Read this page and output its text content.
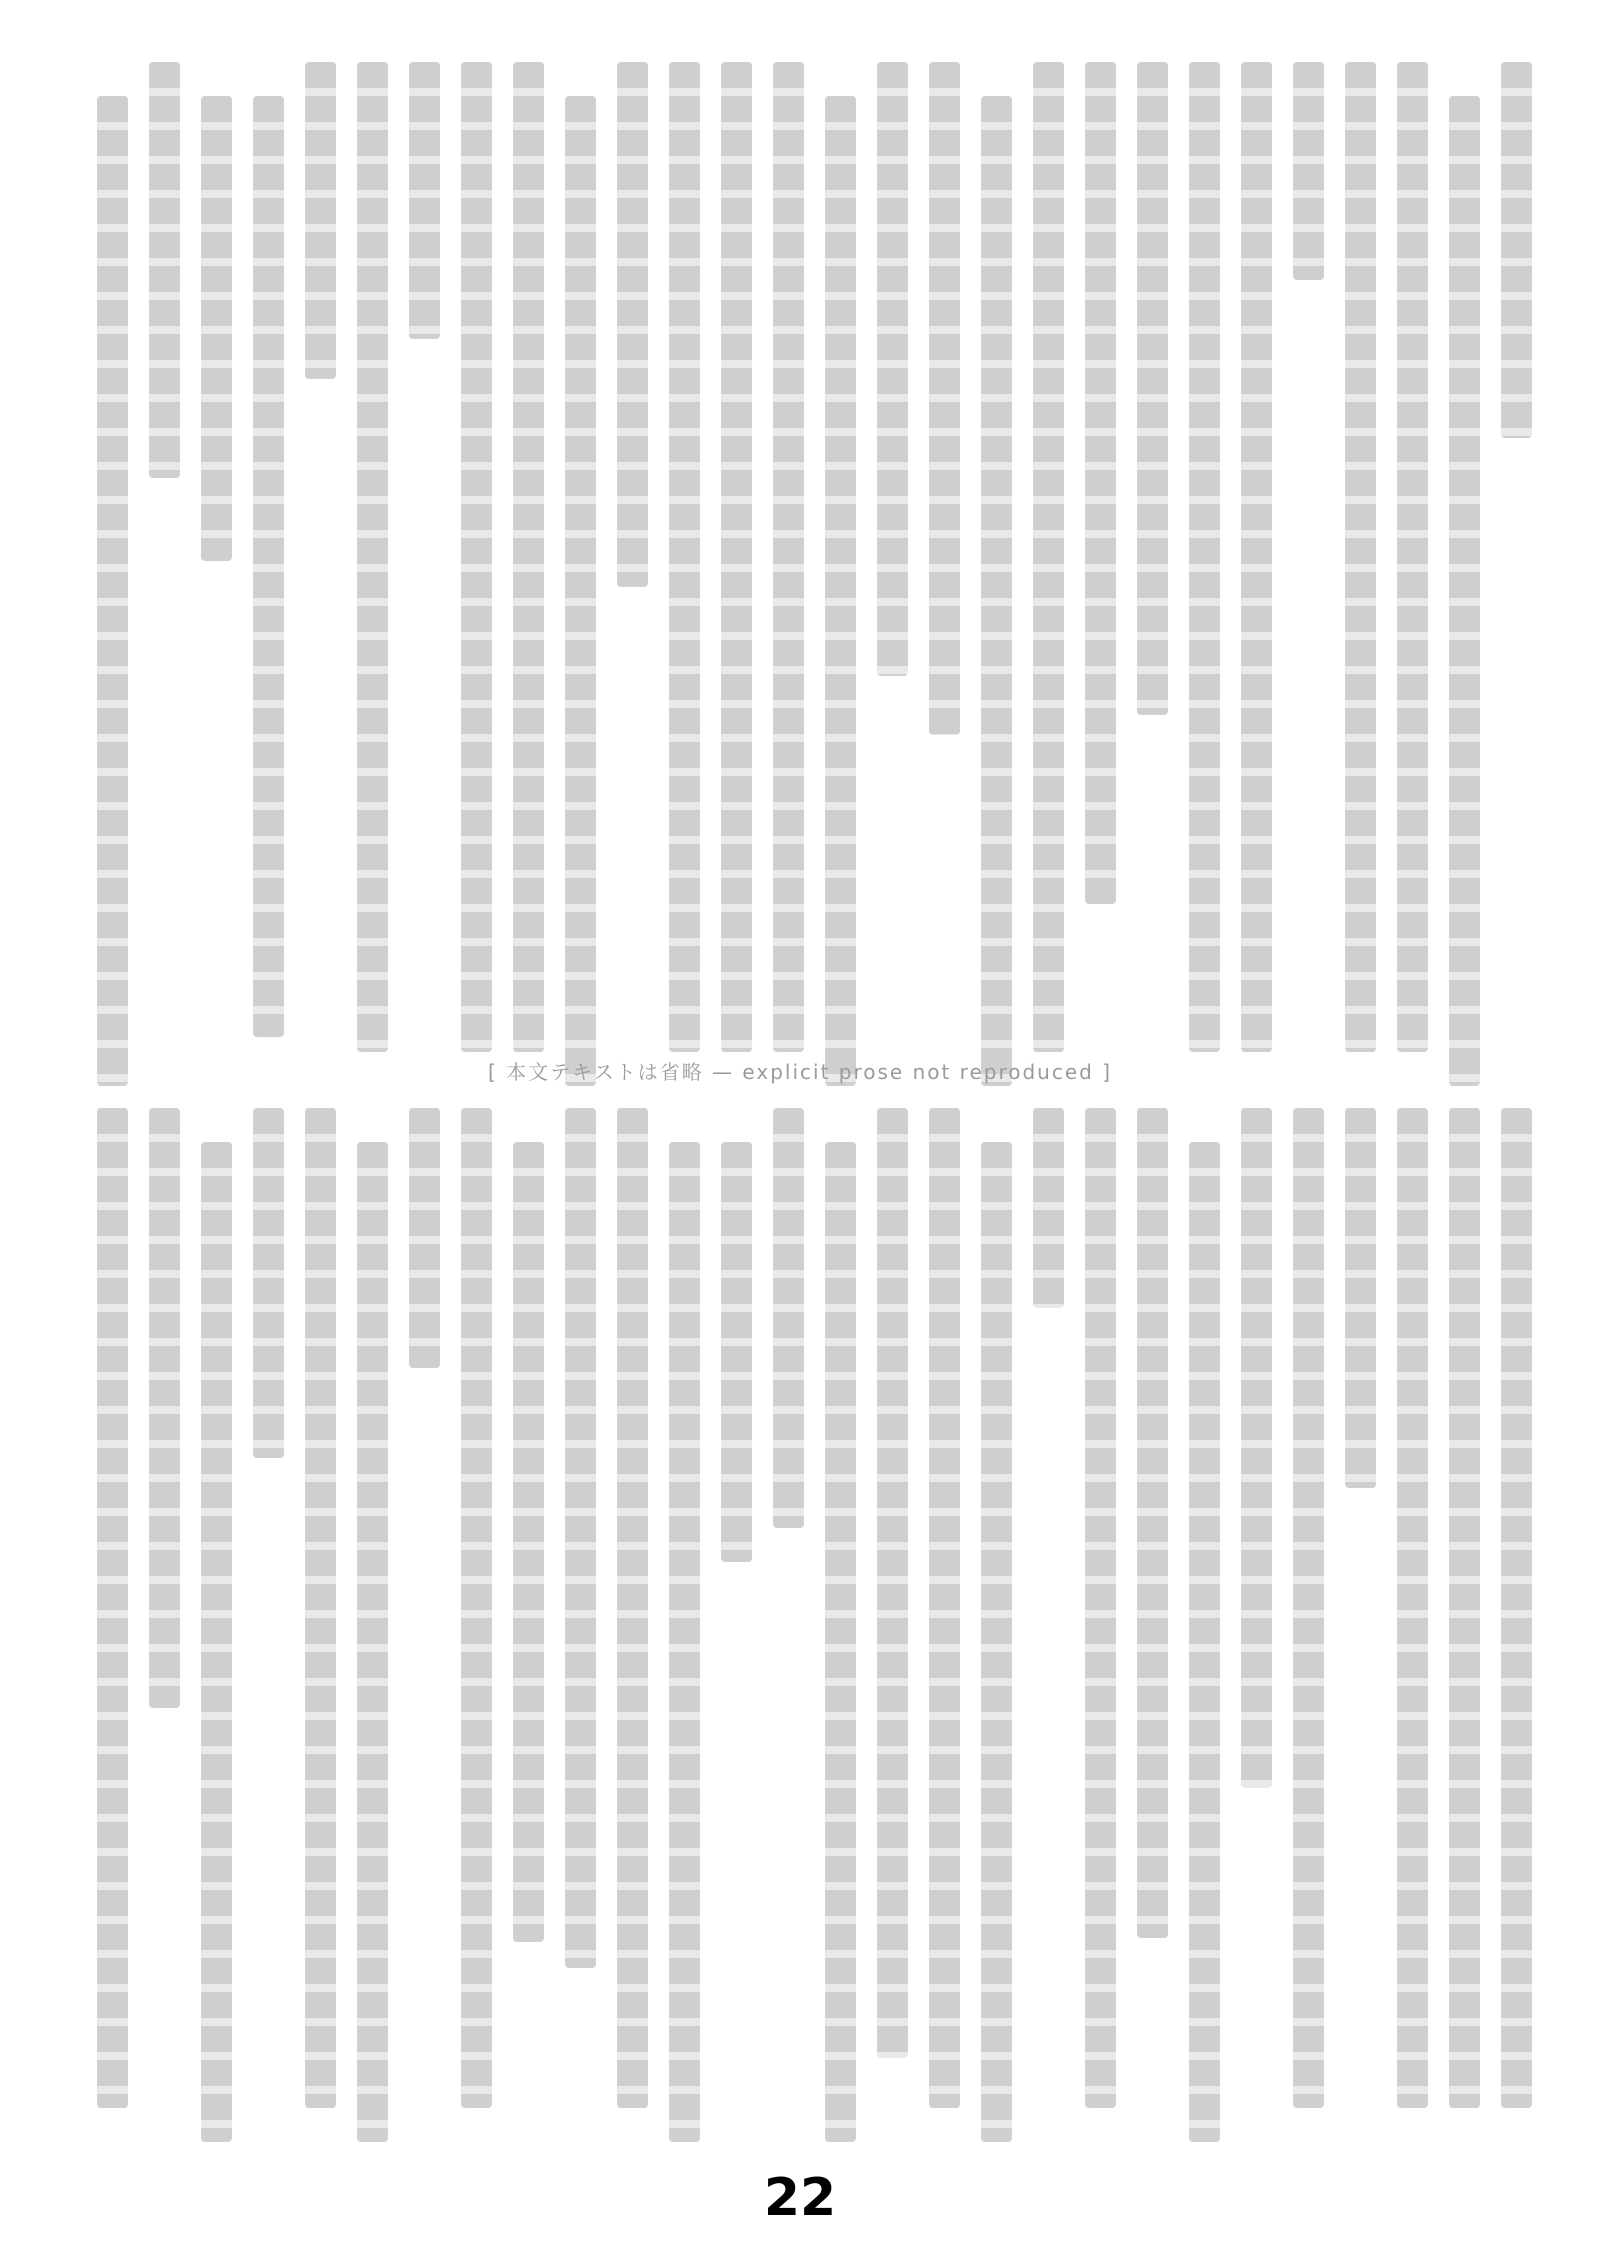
[ 本文テキストは省略 — explicit prose not reproduced ]
22
